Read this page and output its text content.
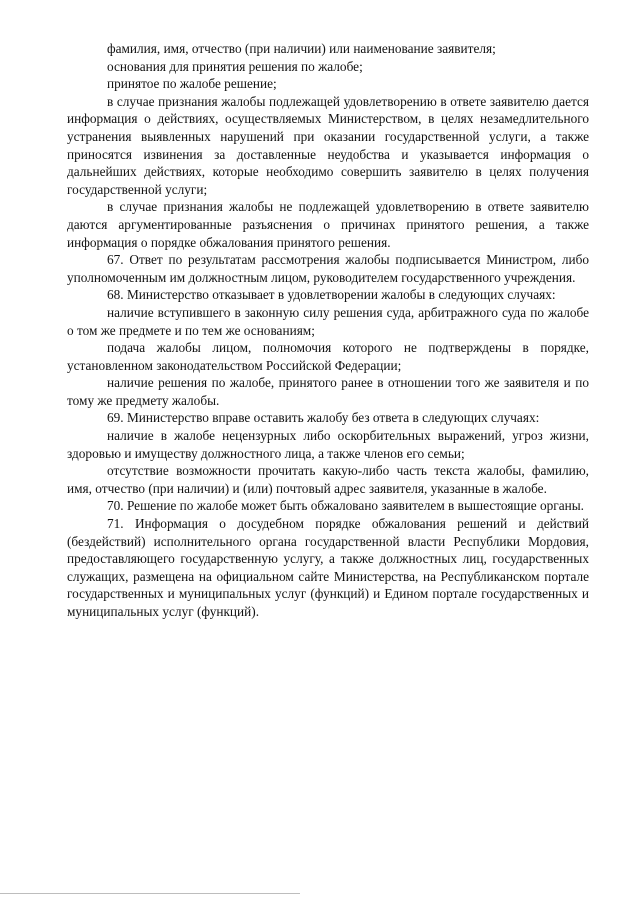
фамилия, имя, отчество (при наличии) или наименование заявителя;

основания для принятия решения по жалобе;

принятое по жалобе решение;

в случае признания жалобы подлежащей удовлетворению в ответе заявителю дается информация о действиях, осуществляемых Министерством, в целях незамедлительного устранения выявленных нарушений при оказании государственной услуги, а также приносятся извинения за доставленные неудобства и указывается информация о дальнейших действиях, которые необходимо совершить заявителю в целях получения государственной услуги;

в случае признания жалобы не подлежащей удовлетворению в ответе заявителю даются аргументированные разъяснения о причинах принятого решения, а также информация о порядке обжалования принятого решения.

67. Ответ по результатам рассмотрения жалобы подписывается Министром, либо уполномоченным им должностным лицом, руководителем государственного учреждения.

68. Министерство отказывает в удовлетворении жалобы в следующих случаях:

наличие вступившего в законную силу решения суда, арбитражного суда по жалобе о том же предмете и по тем же основаниям;

подача жалобы лицом, полномочия которого не подтверждены в порядке, установленном законодательством Российской Федерации;

наличие решения по жалобе, принятого ранее в отношении того же заявителя и по тому же предмету жалобы.

69. Министерство вправе оставить жалобу без ответа в следующих случаях:

наличие в жалобе нецензурных либо оскорбительных выражений, угроз жизни, здоровью и имуществу должностного лица, а также членов его семьи;

отсутствие возможности прочитать какую-либо часть текста жалобы, фамилию, имя, отчество (при наличии) и (или) почтовый адрес заявителя, указанные в жалобе.

70. Решение по жалобе может быть обжаловано заявителем в вышестоящие органы.

71. Информация о досудебном порядке обжалования решений и действий (бездействий) исполнительного органа государственной власти Республики Мордовия, предоставляющего государственную услугу, а также должностных лиц, государственных служащих, размещена на официальном сайте Министерства, на Республиканском портале государственных и муниципальных услуг (функций) и Едином портале государственных и муниципальных услуг (функций).
